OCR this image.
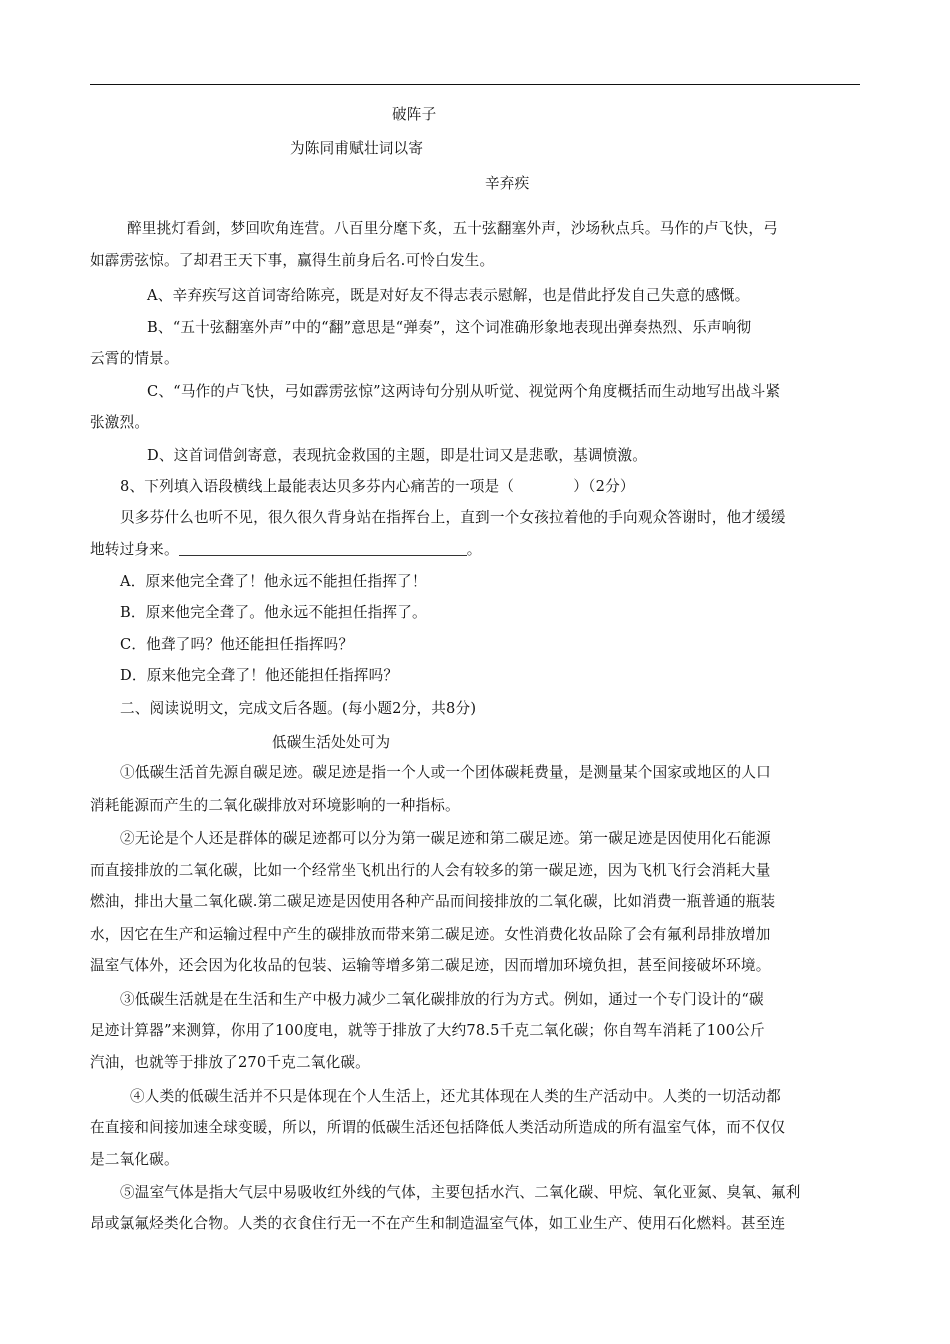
破阵子
为陈同甫赋壮词以寄
辛弃疾
醉里挑灯看剑，梦回吹角连营。八百里分麾下炙，五十弦翻塞外声，沙场秋点兵。马作的卢飞快，弓
如霹雳弦惊。了却君王天下事，赢得生前身后名.可怜白发生。
A、辛弃疾写这首词寄给陈亮，既是对好友不得志表示慰解，也是借此抒发自己失意的感慨。
B、“五十弦翻塞外声”中的“翻”意思是“弹奏”，这个词准确形象地表现出弹奏热烈、乐声响彻
云霄的情景。
C、“马作的卢飞快，弓如霹雳弦惊”这两诗句分别从听觉、视觉两个角度概括而生动地写出战斗紧
张激烈。
D、这首词借剑寄意，表现抗金救国的主题，即是壮词又是悲歌，基调愤激。
8、下列填入语段横线上最能表达贝多芬内心痛苦的一项是（　　　　）（2分）
贝多芬什么也听不见，很久很久背身站在指挥台上，直到一个女孩拉着他的手向观众答谢时，他才缓缓
地转过身来。	。
A．原来他完全聋了！他永远不能担任指挥了！
B．原来他完全聋了。他永远不能担任指挥了。
C．他聋了吗？他还能担任指挥吗？
D．原来他完全聋了！他还能担任指挥吗？
二、阅读说明文，完成文后各题。(每小题2分，共8分)
低碳生活处处可为
①低碳生活首先源自碳足迹。碳足迹是指一个人或一个团体碳耗费量，是测量某个国家或地区的人口
消耗能源而产生的二氧化碳排放对环境影响的一种指标。
②无论是个人还是群体的碳足迹都可以分为第一碳足迹和第二碳足迹。第一碳足迹是因使用化石能源
而直接排放的二氧化碳，比如一个经常坐飞机出行的人会有较多的第一碳足迹，因为飞机飞行会消耗大量
燃油，排出大量二氧化碳.第二碳足迹是因使用各种产品而间接排放的二氧化碳，比如消费一瓶普通的瓶装
水，因它在生产和运输过程中产生的碳排放而带来第二碳足迹。女性消费化妆品除了会有氟利昂排放增加
温室气体外，还会因为化妆品的包装、运输等增多第二碳足迹，因而增加环境负担，甚至间接破坏环境。
③低碳生活就是在生活和生产中极力减少二氧化碳排放的行为方式。例如，通过一个专门设计的“碳
足迹计算器”来测算，你用了100度电，就等于排放了大约78.5千克二氧化碳；你自驾车消耗了100公斤
汽油，也就等于排放了270千克二氧化碳。
④人类的低碳生活并不只是体现在个人生活上，还尤其体现在人类的生产活动中。人类的一切活动都
在直接和间接加速全球变暖，所以，所谓的低碳生活还包括降低人类活动所造成的所有温室气体，而不仅仅
是二氧化碳。
⑤温室气体是指大气层中易吸收红外线的气体，主要包括水汽、二氧化碳、甲烷、氧化亚氮、臭氧、氟利
昂或氯氟烃类化合物。人类的衣食住行无一不在产生和制造温室气体，如工业生产、使用石化燃料。甚至连
